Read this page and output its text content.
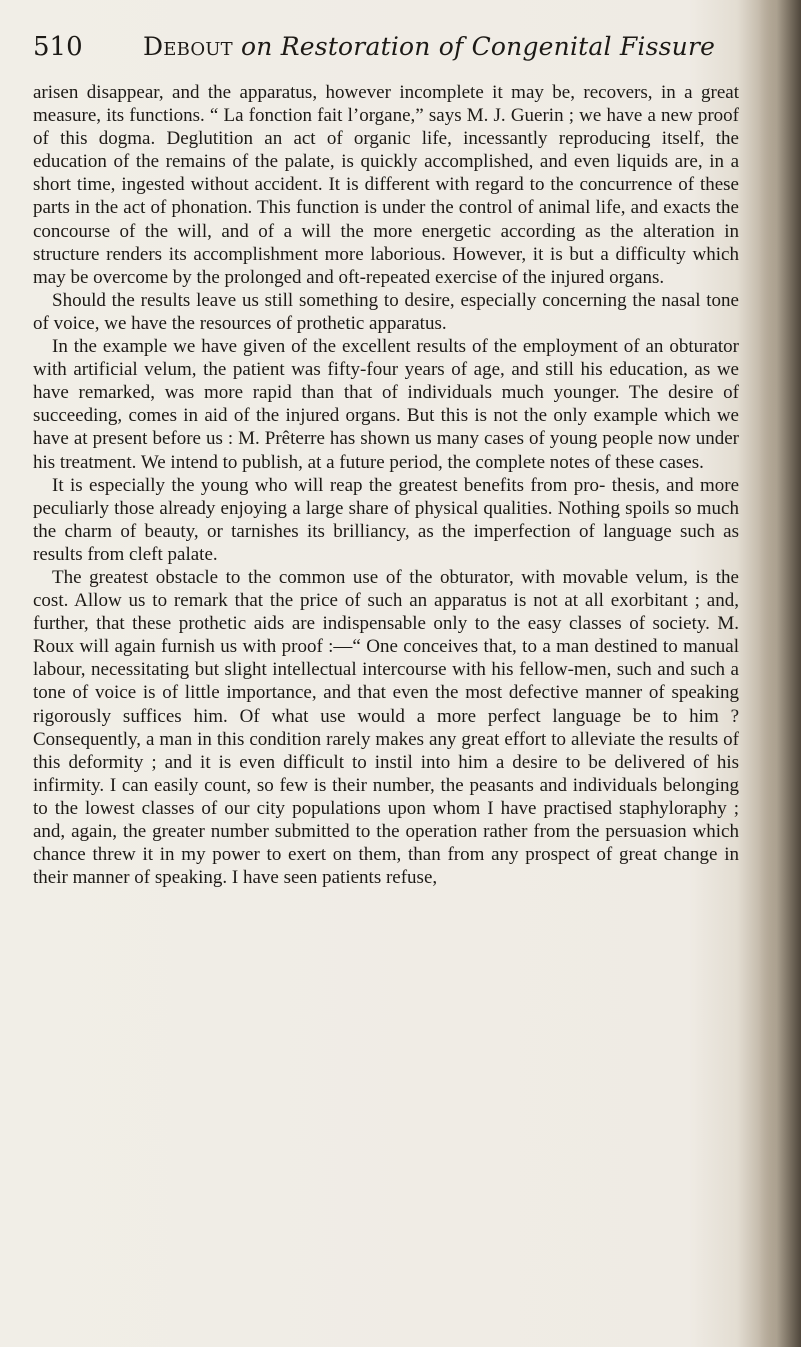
510 Debout on Restoration of Congenital Fissure

arisen disappear, and the apparatus, however incomplete it may be, recovers, in a great measure, its functions. “ La fonction fait l’organe,” says M. J. Guerin ; we have a new proof of this dogma. Deglutition an act of organic life, incessantly reproducing itself, the education of the remains of the palate, is quickly accomplished, and even liquids are, in a short time, ingested without accident. It is different with regard to the concurrence of these parts in the act of phonation. This function is under the control of animal life, and exacts the concourse of the will, and of a will the more energetic according as the alteration in structure renders its accomplishment more laborious. However, it is but a difficulty which may be overcome by the prolonged and oft-repeated exercise of the injured organs.

Should the results leave us still something to desire, especially concerning the nasal tone of voice, we have the resources of prothetic apparatus.

In the example we have given of the excellent results of the employment of an obturator with artificial velum, the patient was fifty-four years of age, and still his education, as we have remarked, was more rapid than that of individuals much younger. The desire of succeeding, comes in aid of the injured organs. But this is not the only example which we have at present before us : M. Prêterre has shown us many cases of young people now under his treatment. We intend to publish, at a future period, the complete notes of these cases.

It is especially the young who will reap the greatest benefits from pro- thesis, and more peculiarly those already enjoying a large share of physical qualities. Nothing spoils so much the charm of beauty, or tarnishes its brilliancy, as the imperfection of language such as results from cleft palate.

The greatest obstacle to the common use of the obturator, with movable velum, is the cost. Allow us to remark that the price of such an apparatus is not at all exorbitant ; and, further, that these prothetic aids are indispensable only to the easy classes of society. M. Roux will again furnish us with proof :—“ One conceives that, to a man destined to manual labour, necessitating but slight intellectual intercourse with his fellow-men, such and such a tone of voice is of little importance, and that even the most defective manner of speaking rigorously suffices him. Of what use would a more perfect language be to him ? Consequently, a man in this condition rarely makes any great effort to alleviate the results of this deformity ; and it is even difficult to instil into him a desire to be delivered of his infirmity. I can easily count, so few is their number, the peasants and individuals belonging to the lowest classes of our city populations upon whom I have practised staphyloraphy ; and, again, the greater number submitted to the operation rather from the persuasion which chance threw it in my power to exert on them, than from any prospect of great change in their manner of speaking. I have seen patients refuse,
